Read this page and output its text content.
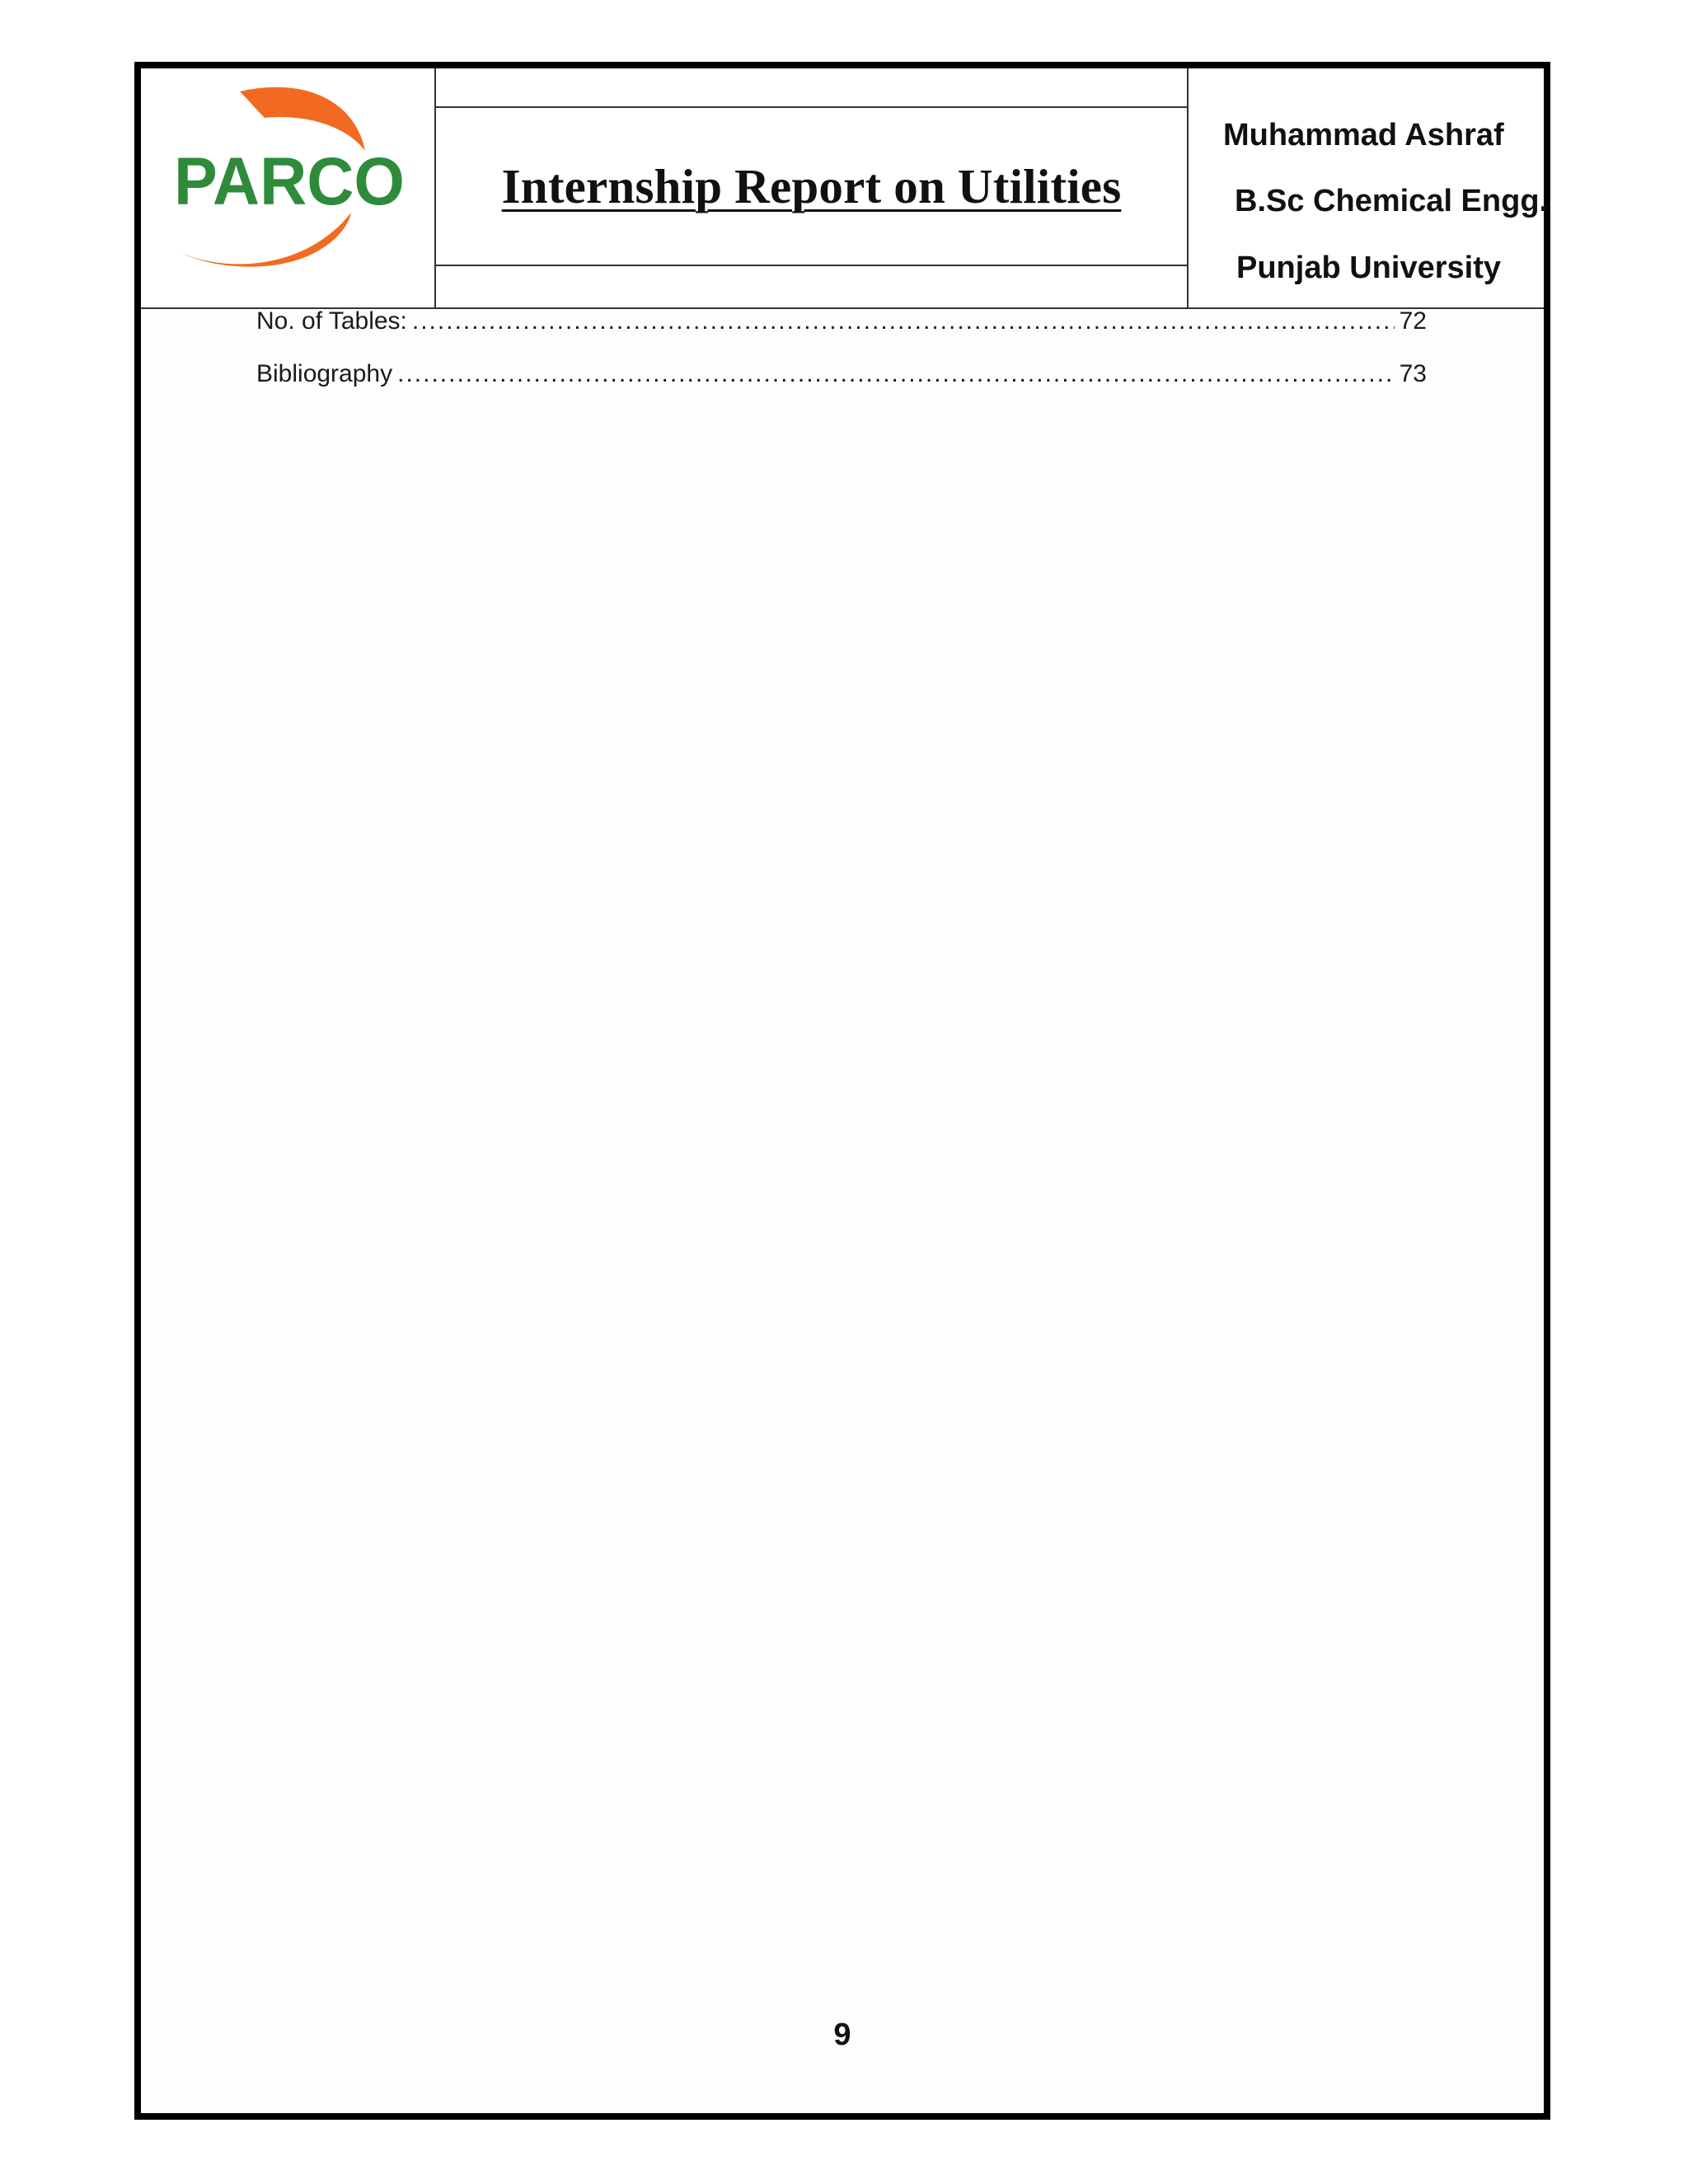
PARCO Internship Report on Utilities
Muhammad Ashraf
B.Sc Chemical Engg.
Punjab University
No. of Tables: .....	72
Bibliography .....	73
9
